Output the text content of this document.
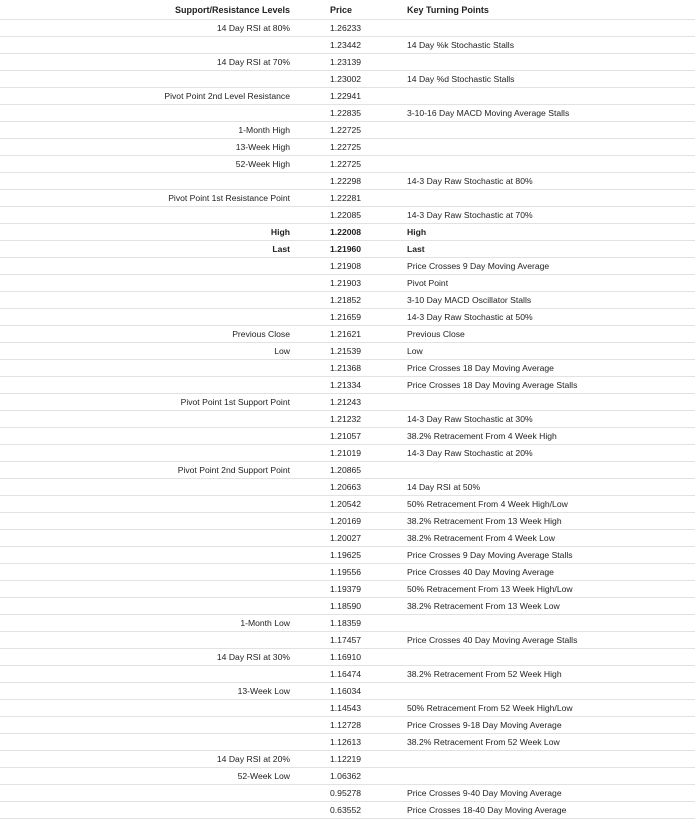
Support/Resistance Levels	Price	Key Turning Points
14 Day RSI at 80%	1.26233	
	1.23442	14 Day %k Stochastic Stalls
14 Day RSI at 70%	1.23139	
	1.23002	14 Day %d Stochastic Stalls
Pivot Point 2nd Level Resistance	1.22941	
	1.22835	3-10-16 Day MACD Moving Average Stalls
1-Month High	1.22725	
13-Week High	1.22725	
52-Week High	1.22725	
	1.22298	14-3 Day Raw Stochastic at 80%
Pivot Point 1st Resistance Point	1.22281	
	1.22085	14-3 Day Raw Stochastic at 70%
High	1.22008	High
Last	1.21960	Last
	1.21908	Price Crosses 9 Day Moving Average
	1.21903	Pivot Point
	1.21852	3-10 Day MACD Oscillator Stalls
	1.21659	14-3 Day Raw Stochastic at 50%
Previous Close	1.21621	Previous Close
Low	1.21539	Low
	1.21368	Price Crosses 18 Day Moving Average
	1.21334	Price Crosses 18 Day Moving Average Stalls
Pivot Point 1st Support Point	1.21243	
	1.21232	14-3 Day Raw Stochastic at 30%
	1.21057	38.2% Retracement From 4 Week High
	1.21019	14-3 Day Raw Stochastic at 20%
Pivot Point 2nd Support Point	1.20865	
	1.20663	14 Day RSI at 50%
	1.20542	50% Retracement From 4 Week High/Low
	1.20169	38.2% Retracement From 13 Week High
	1.20027	38.2% Retracement From 4 Week Low
	1.19625	Price Crosses 9 Day Moving Average Stalls
	1.19556	Price Crosses 40 Day Moving Average
	1.19379	50% Retracement From 13 Week High/Low
	1.18590	38.2% Retracement From 13 Week Low
1-Month Low	1.18359	
	1.17457	Price Crosses 40 Day Moving Average Stalls
14 Day RSI at 30%	1.16910	
	1.16474	38.2% Retracement From 52 Week High
13-Week Low	1.16034	
	1.14543	50% Retracement From 52 Week High/Low
	1.12728	Price Crosses 9-18 Day Moving Average
	1.12613	38.2% Retracement From 52 Week Low
14 Day RSI at 20%	1.12219	
52-Week Low	1.06362	
	0.95278	Price Crosses 9-40 Day Moving Average
	0.63552	Price Crosses 18-40 Day Moving Average
